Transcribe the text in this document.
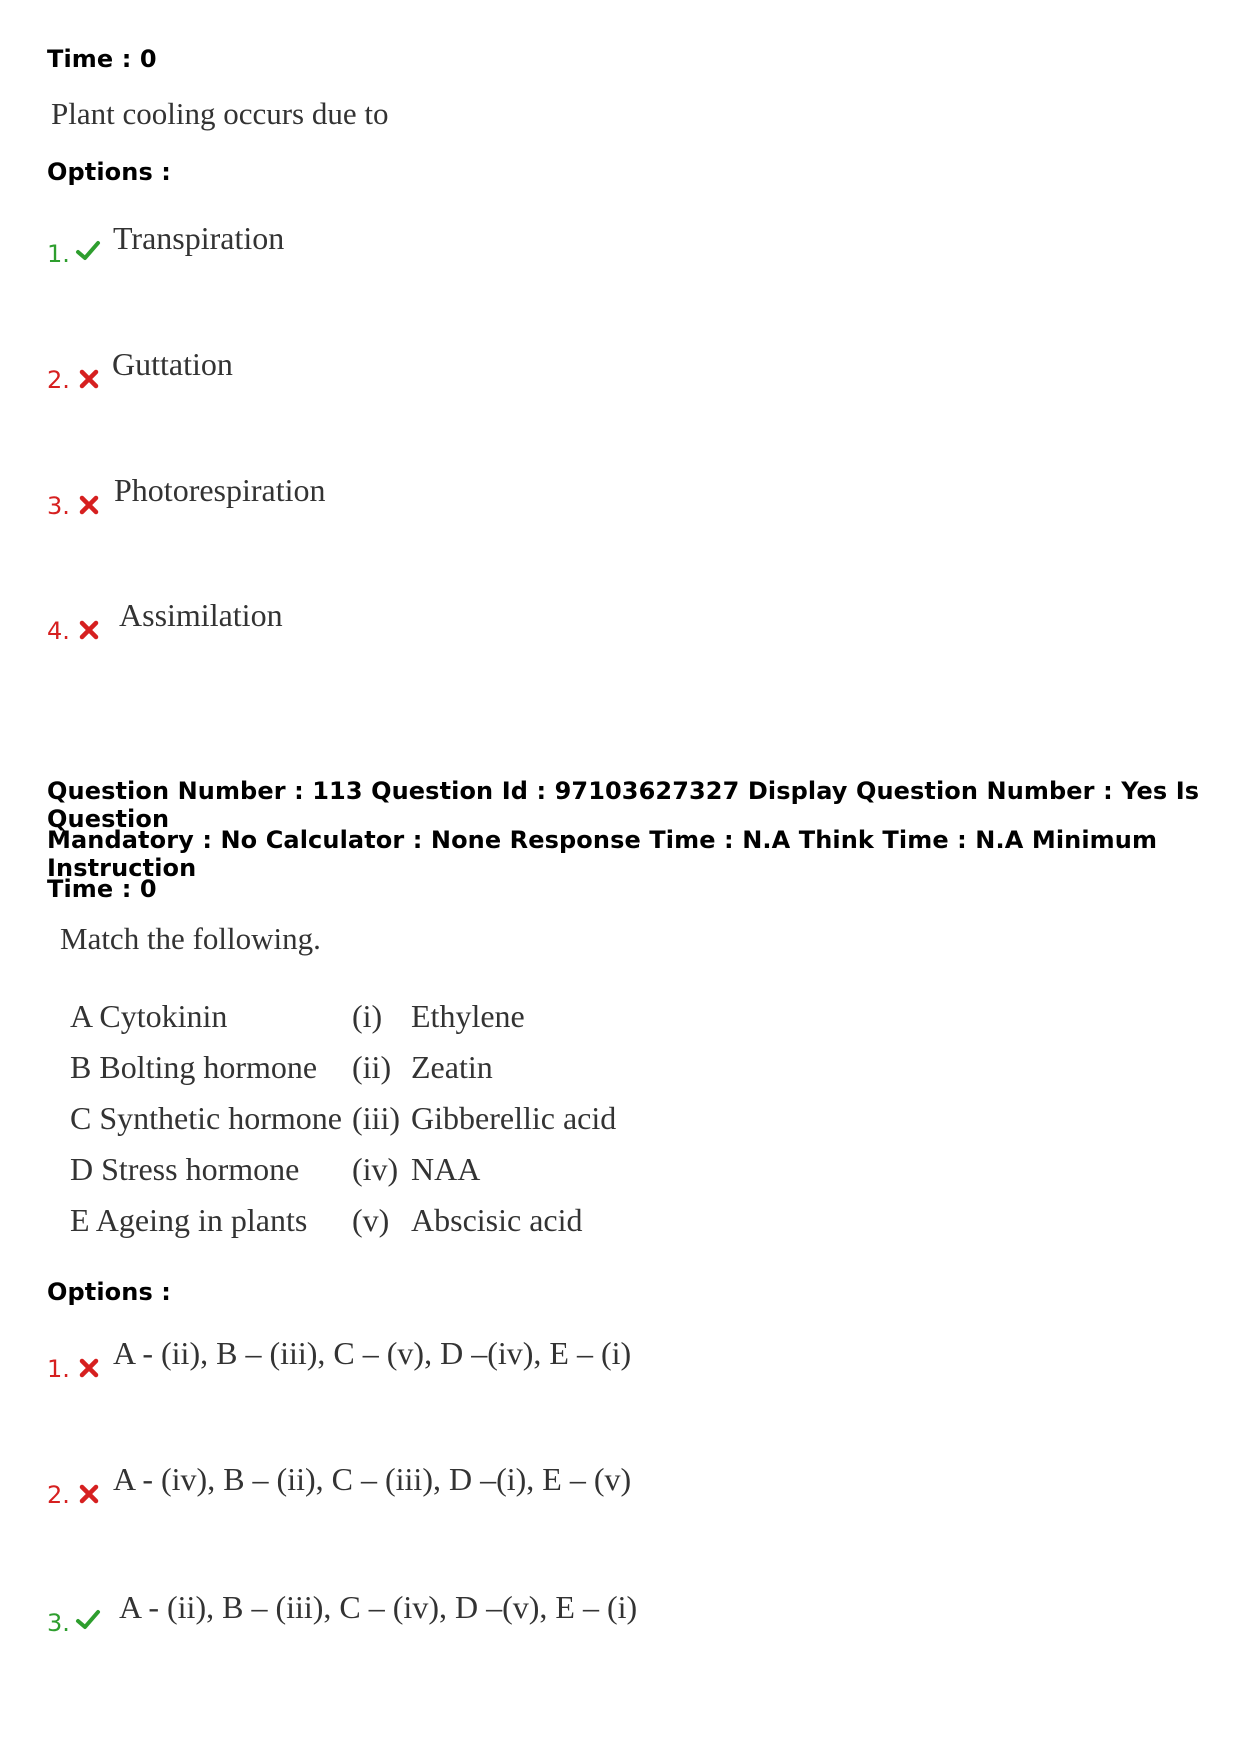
Time : 0
Plant cooling occurs due to
Options :
1. Transpiration
2. Guttation
3. Photorespiration
4. Assimilation
Question Number : 113 Question Id : 97103627327 Display Question Number : Yes Is Question
Mandatory : No Calculator : None Response Time : N.A Think Time : N.A Minimum Instruction
Time : 0
Match the following.
A Cytokinin	(i) Ethylene
B Bolting hormone (ii) Zeatin
C Synthetic hormone (iii) Gibberellic acid
D Stress hormone (iv) NAA
E Ageing in plants (v) Abscisic acid
Options :
1. A - (ii), B – (iii), C – (v), D –(iv), E – (i)
2. A - (iv), B – (ii), C – (iii), D –(i), E – (v)
3. A - (ii), B – (iii), C – (iv), D –(v), E – (i)
